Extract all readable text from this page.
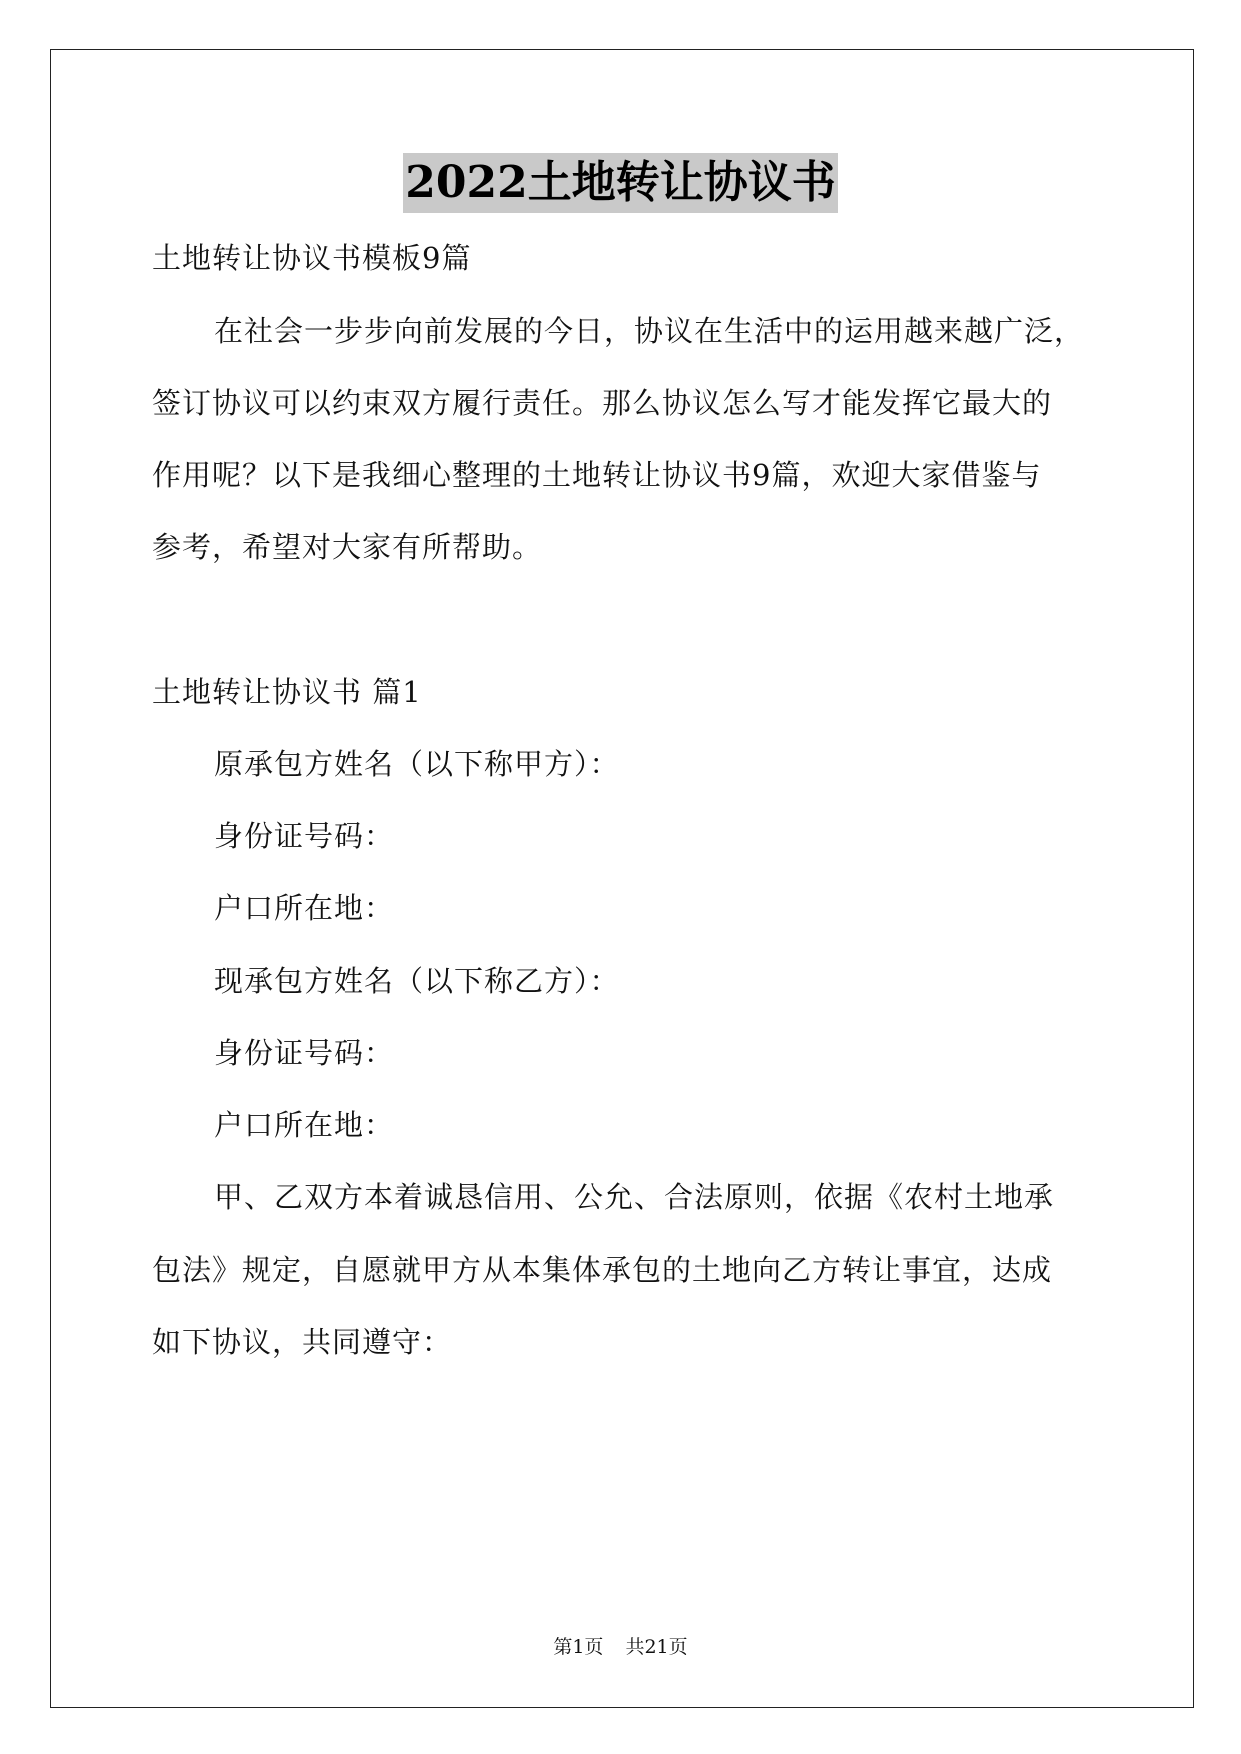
2022土地转让协议书
土地转让协议书模板9篇
在社会一步步向前发展的今日，协议在生活中的运用越来越广泛，
签订协议可以约束双方履行责任。那么协议怎么写才能发挥它最大的
作用呢？以下是我细心整理的土地转让协议书9篇，欢迎大家借鉴与
参考，希望对大家有所帮助。
土地转让协议书 篇1
原承包方姓名（以下称甲方）：
身份证号码：
户口所在地：
现承包方姓名（以下称乙方）：
身份证号码：
户口所在地：
甲、乙双方本着诚恳信用、公允、合法原则，依据《农村土地承
包法》规定，自愿就甲方从本集体承包的土地向乙方转让事宜，达成
如下协议，共同遵守：
第1页 共21页
